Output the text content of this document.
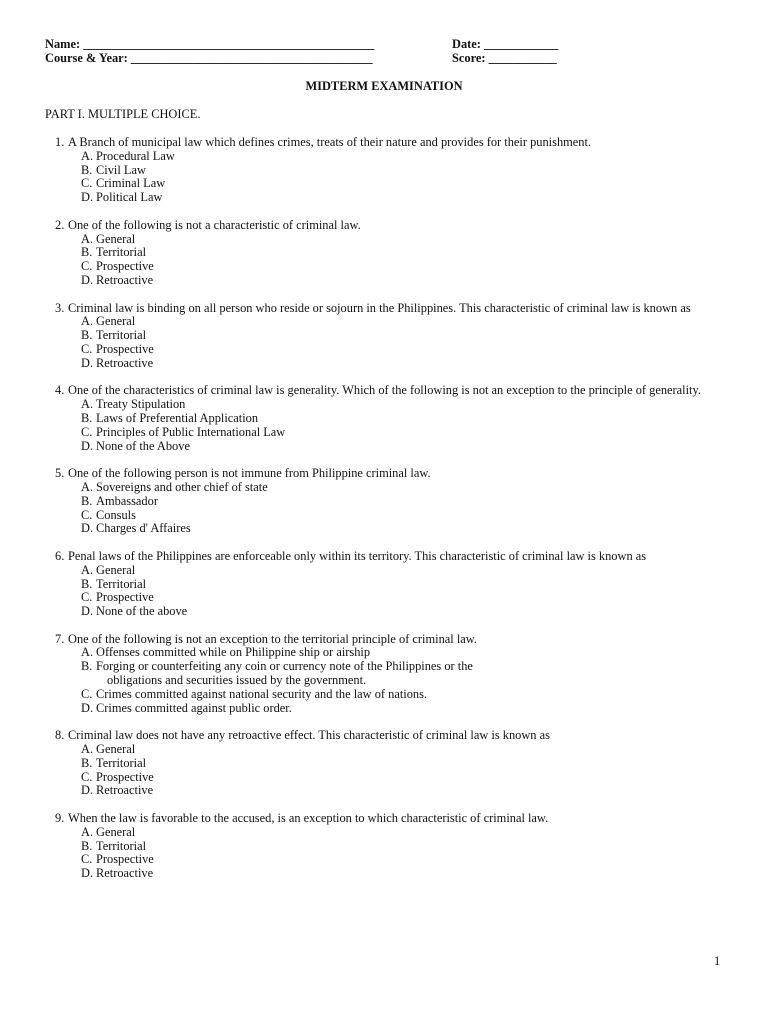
Name: _______________________________________________	Date: ____________
Course & Year: _______________________________________	Score: ___________
MIDTERM EXAMINATION
PART I. MULTIPLE CHOICE.
1. A Branch of municipal law which defines crimes, treats of their nature and provides for their punishment.
A. Procedural Law
B. Civil Law
C. Criminal Law
D. Political Law
2. One of the following is not a characteristic of criminal law.
A. General
B. Territorial
C. Prospective
D. Retroactive
3. Criminal law is binding on all person who reside or sojourn in the Philippines. This characteristic of criminal law is known as
A. General
B. Territorial
C. Prospective
D. Retroactive
4. One of the characteristics of criminal law is generality. Which of the following is not an exception to the principle of generality.
A. Treaty Stipulation
B. Laws of Preferential Application
C. Principles of Public International Law
D. None of the Above
5. One of the following person is not immune from Philippine criminal law.
A. Sovereigns and other chief of state
B. Ambassador
C. Consuls
D. Charges d' Affaires
6. Penal laws of the Philippines are enforceable only within its territory. This characteristic of criminal law is known as
A. General
B. Territorial
C. Prospective
D. None of the above
7. One of the following is not an exception to the territorial principle of criminal law.
A. Offenses committed while on Philippine ship or airship
B. Forging or counterfeiting any coin or currency note of the Philippines or the
obligations and securities issued by the government.
C. Crimes committed against national security and the law of nations.
D. Crimes committed against public order.
8. Criminal law does not have any retroactive effect. This characteristic of criminal law is known as
A. General
B. Territorial
C. Prospective
D. Retroactive
9. When the law is favorable to the accused, is an exception to which characteristic of criminal law.
A. General
B. Territorial
C. Prospective
D. Retroactive
1
